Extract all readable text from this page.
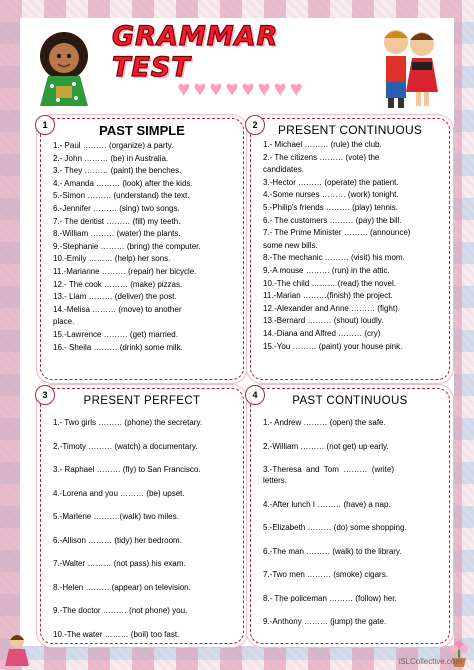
GRAMMAR TEST
♥ ♥ ♥ ♥ ♥ ♥ ♥ ♥
1	PAST SIMPLE

1.- Paul ……… (organize) a party.

2.- John ……… (be) in Australia.

3.- They ……… (paint) the benches.

4.- Amanda ……… (look) after the kids.

5.-Simon ……… (understand) the text.

6.-Jennifer ……… (sing) two songs.

7.- The dentist ……… (fill) my teeth.

8.-William ……… (water) the plants.

9.-Stephanie ……… (bring) the computer.

10.-Emily ……… (help) her sons.

11.-Marianne ……… (repair) her bicycle.

12.- The cook ……… (make) pizzas.

13.- Liam ……… (deliver) the post.

14.-Melisa ……… (move) to another

place.

15.-Lawrence ……… (get) married.

16.- Sheila ……… (drink) some milk.

2	PRESENT CONTINUOUS

1.- Michael ……… (rule) the club.

2.- The citizens ……… (vote) the

candidates.

3.-Hector ……… (operate) the patient.

4.-Some nurses ……… (work) tonight.

5.-Philip's friends ……… (play) tennis.

6.- The customers ……… (pay) the bill.

7.- The Prime Minister ……… (announce)

some new bills.

8.-The mechanic ……… (visit) his mom.

9.-A mouse ……… (run) in the attic.

10.-The child ……… (read) the novel.

11.-Marian ………(finish) the project.

12.-Alexander and Anne ……… (fight)

13.-Bernard ……… (shout) loudly.

14.-Diana and Alfred ……… (cry)

15.-You ……… (paint) your house pink.

3	PRESENT PERFECT

1.- Two girls ……… (phone) the secretary.

2.-Timoty ……… (watch) a documentary.

3.- Raphael ……… (fly) to San Francisco.

4.-Lorena and you ……… (be) upset.

5.-Marlene ……… (walk) two miles.

6.-Allison ……… (tidy) her bedroom.

7.-Walter ……… (not pass) his exam.

8.-Helen ……… (appear) on television.

9.-The doctor ……… (not phone) you.

10.-The water ……… (boil) too fast.

4	PAST CONTINUOUS

1.- Andrew ……… (open) the safe.

2.-William ……… (not get) up early.

3.-Theresa  and  Tom  ………  (write)
letters.

4.-After lunch I ……… (have) a nap.

5.-Elizabeth ……… (do) some shopping.

6.-The man ……… (walk) to the library.

7.-Two men ……… (smoke) cigars.

8.- The policeman ……… (follow) her.

9.-Anthony ……… (jump) the gate.

iSLCollective.com
